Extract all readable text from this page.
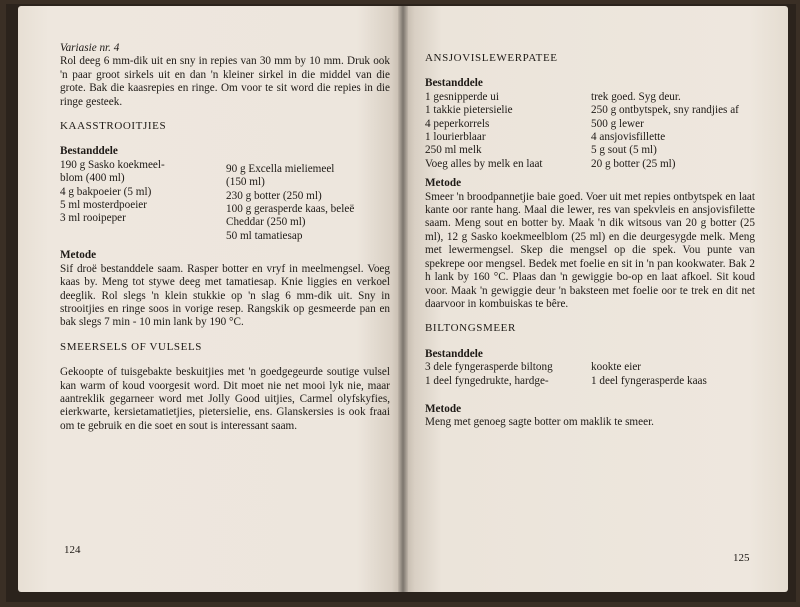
Variasie nr. 4

Rol deeg 6 mm-dik uit en sny in repies van 30 mm by 10 mm. Druk ook 'n paar groot sirkels uit en dan 'n kleiner sirkel in die middel van die grote. Bak die kaasrepies en ringe. Om voor te sit word die repies in die ringe gesteek.

KAASSTROOITJIES

Bestanddele

190 g Sasko koekmeel-

blom (400 ml)

4 g bakpoeier (5 ml)

5 ml mosterdpoeier

3 ml rooipeper

90 g Excella mieliemeel

(150 ml)

230 g botter (250 ml)

100 g gerasperde kaas, beleë

Cheddar (250 ml)

50 ml tamatiesap

Metode

Sif droë bestanddele saam. Rasper botter en vryf in meelmengsel. Voeg kaas by. Meng tot stywe deeg met tamatiesap. Knie liggies en verkoel deeglik. Rol slegs 'n klein stukkie op 'n slag 6 mm-dik uit. Sny in strooitjies en ringe soos in vorige resep. Rangskik op gesmeerde pan en bak slegs 7 min - 10 min lank by 190 °C.

SMEERSELS OF VULSELS

Gekoopte of tuisgebakte beskuitjies met 'n goedgegeurde soutige vulsel kan warm of koud voorgesit word. Dit moet nie net mooi lyk nie, maar aantreklik gegarneer word met Jolly Good uitjies, Carmel olyfskyfies, eierkwarte, kersietamatietjies, pietersielie, ens. Glanskersies is ook fraai om te gebruik en die soet en sout is interessant saam.

124

ANSJOVISLEWERPATEE

Bestanddele

1 gesnipperde ui

1 takkie pietersielie

4 peperkorrels

1 lourierblaar

250 ml melk

Voeg alles by melk en laat

trek goed. Syg deur.

250 g ontbytspek, sny randjies af

500 g lewer

4 ansjovisfillette

5 g sout (5 ml)

20 g botter (25 ml)

Metode

Smeer 'n broodpannetjie baie goed. Voer uit met repies ontbytspek en laat kante oor rante hang. Maal die lewer, res van spekvleis en ansjovisfilette saam. Meng sout en botter by. Maak 'n dik witsous van 20 g botter (25 ml), 12 g Sasko koekmeelblom (25 ml) en die deurgesygde melk. Meng met lewermengsel. Skep die mengsel op die spek. Vou punte van spekrepe oor mengsel. Bedek met foelie en sit in 'n pan kookwater. Bak 2 h lank by 160 °C. Plaas dan 'n gewiggie bo-op en laat afkoel. Sit koud voor. Maak 'n gewiggie deur 'n baksteen met foelie oor te trek en dit net daarvoor in kombuiskas te bêre.

BILTONGSMEER

Bestanddele

3 dele fyngerasperde biltong

1 deel fyngedrukte, hardge-

kookte eier

1 deel fyngerasperde kaas

Metode

Meng met genoeg sagte botter om maklik te smeer.

125
